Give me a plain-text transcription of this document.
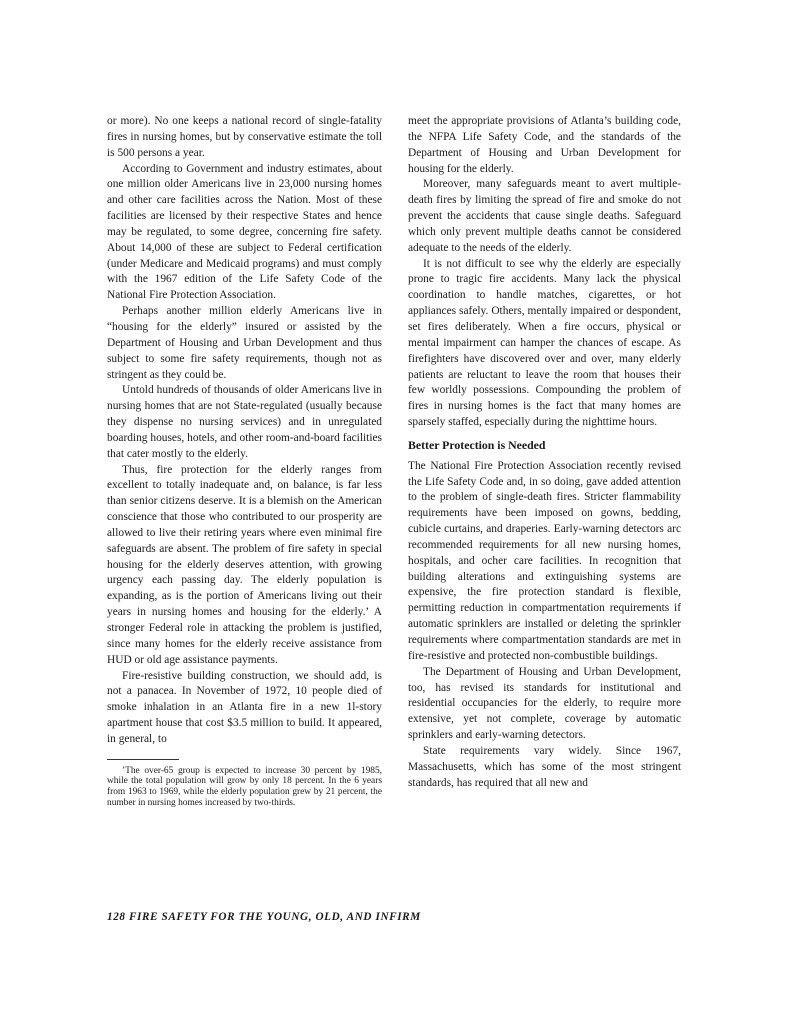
or more). No one keeps a national record of single-fatality fires in nursing homes, but by conservative estimate the toll is 500 persons a year.

According to Government and industry estimates, about one million older Americans live in 23,000 nursing homes and other care facilities across the Nation. Most of these facilities are licensed by their respective States and hence may be regulated, to some degree, concerning fire safety. About 14,000 of these are subject to Federal certification (under Medicare and Medicaid programs) and must comply with the 1967 edition of the Life Safety Code of the National Fire Protection Association.

Perhaps another million elderly Americans live in “housing for the elderly” insured or assisted by the Department of Housing and Urban Development and thus subject to some fire safety requirements, though not as stringent as they could be.

Untold hundreds of thousands of older Americans live in nursing homes that are not State-regulated (usually because they dispense no nursing services) and in unregulated boarding houses, hotels, and other room-and-board facilities that cater mostly to the elderly.

Thus, fire protection for the elderly ranges from excellent to totally inadequate and, on balance, is far less than senior citizens deserve. It is a blemish on the American conscience that those who contributed to our prosperity are allowed to live their retiring years where even minimal fire safeguards are absent. The problem of fire safety in special housing for the elderly deserves attention, with growing urgency each passing day. The elderly population is expanding, as is the portion of Americans living out their years in nursing homes and housing for the elderly.’ A stronger Federal role in attacking the problem is justified, since many homes for the elderly receive assistance from HUD or old age assistance payments.

Fire-resistive building construction, we should add, is not a panacea. In November of 1972, 10 people died of smoke inhalation in an Atlanta fire in a new 1l-story apartment house that cost $3.5 million to build. It appeared, in general, to

’The over-65 group is expected to increase 30 percent by 1985, while the total population will grow by only 18 percent. In the 6 years from 1963 to 1969, while the elderly population grew by 21 percent, the number in nursing homes increased by two-thirds.

meet the appropriate provisions of Atlanta’s building code, the NFPA Life Safety Code, and the standards of the Department of Housing and Urban Development for housing for the elderly.

Moreover, many safeguards meant to avert multiple-death fires by limiting the spread of fire and smoke do not prevent the accidents that cause single deaths. Safeguard which only prevent multiple deaths cannot be considered adequate to the needs of the elderly.

It is not difficult to see why the elderly are especially prone to tragic fire accidents. Many lack the physical coordination to handle matches, cigarettes, or hot appliances safely. Others, mentally impaired or despondent, set fires deliberately. When a fire occurs, physical or mental impairment can hamper the chances of escape. As firefighters have discovered over and over, many elderly patients are reluctant to leave the room that houses their few worldly possessions. Compounding the problem of fires in nursing homes is the fact that many homes are sparsely staffed, especially during the nighttime hours.

Better Protection is Needed

The National Fire Protection Association recently revised the Life Safety Code and, in so doing, gave added attention to the problem of single-death fires. Stricter flammability requirements have been imposed on gowns, bedding, cubicle curtains, and draperies. Early-warning detectors arc recommended requirements for all new nursing homes, hospitals, and ocher care facilities. In recognition that building alterations and extinguishing systems are expensive, the fire protection standard is flexible, permitting reduction in compartmentation requirements if automatic sprinklers are installed or deleting the sprinkler requirements where compartmentation standards are met in fire-resistive and protected non-combustible buildings.

The Department of Housing and Urban Development, too, has revised its standards for institutional and residential occupancies for the elderly, to require more extensive, yet not complete, coverage by automatic sprinklers and early-warning detectors.

State requirements vary widely. Since 1967, Massachusetts, which has some of the most stringent standards, has required that all new and

128 FIRE SAFETY FOR THE YOUNG, OLD, AND INFIRM
